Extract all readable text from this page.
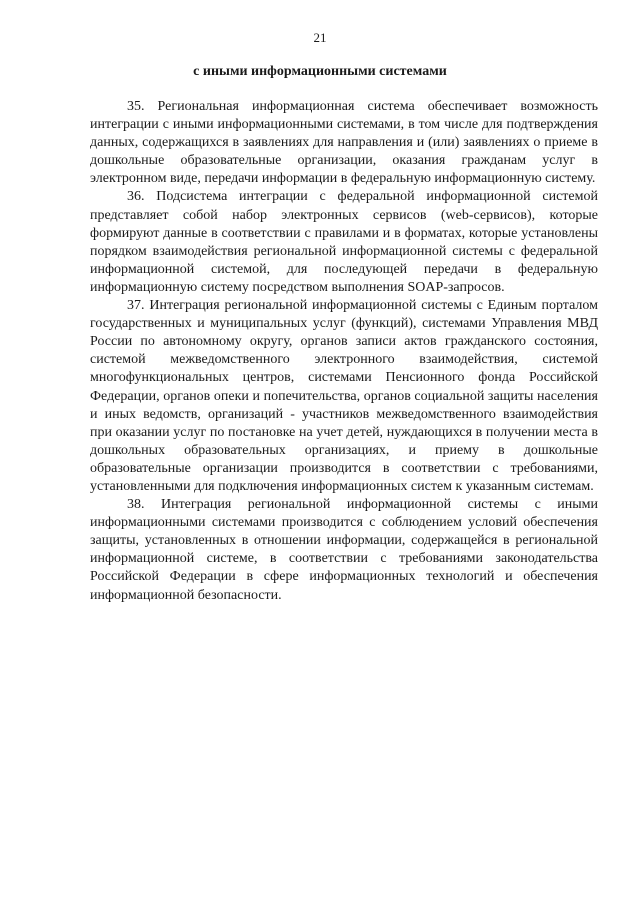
21
с иными информационными системами

35. Региональная информационная система обеспечивает возможность интеграции с иными информационными системами, в том числе для подтверждения данных, содержащихся в заявлениях для направления и (или) заявлениях о приеме в дошкольные образовательные организации, оказания гражданам услуг в электронном виде, передачи информации в федеральную информационную систему.

36. Подсистема интеграции с федеральной информационной системой представляет собой набор электронных сервисов (web-сервисов), которые формируют данные в соответствии с правилами и в форматах, которые установлены порядком взаимодействия региональной информационной системы с федеральной информационной системой, для последующей передачи в федеральную информационную систему посредством выполнения SOAP-запросов.

37. Интеграция региональной информационной системы с Единым порталом государственных и муниципальных услуг (функций), системами Управления МВД России по автономному округу, органов записи актов гражданского состояния, системой межведомственного электронного взаимодействия, системой многофункциональных центров, системами Пенсионного фонда Российской Федерации, органов опеки и попечительства, органов социальной защиты населения и иных ведомств, организаций - участников межведомственного взаимодействия при оказании услуг по постановке на учет детей, нуждающихся в получении места в дошкольных образовательных организациях, и приему в дошкольные образовательные организации производится в соответствии с требованиями, установленными для подключения информационных систем к указанным системам.

38. Интеграция региональной информационной системы с иными информационными системами производится с соблюдением условий обеспечения защиты, установленных в отношении информации, содержащейся в региональной информационной системе, в соответствии с требованиями законодательства Российской Федерации в сфере информационных технологий и обеспечения информационной безопасности.
